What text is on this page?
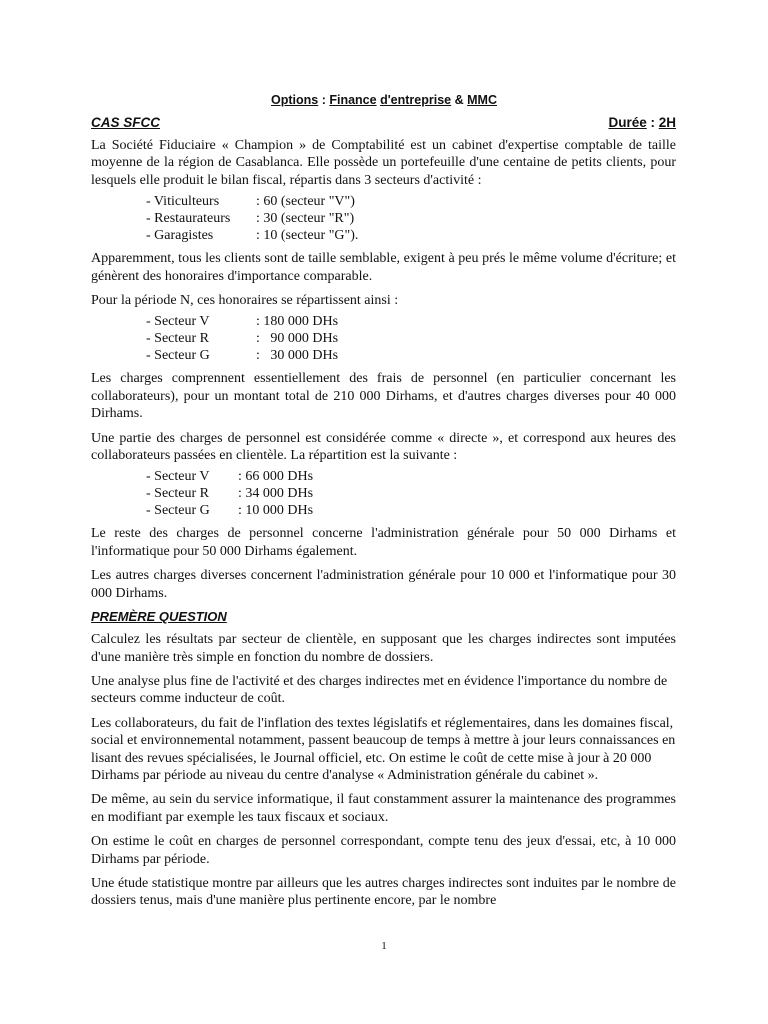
Options : Finance d'entreprise & MMC
CAS SFCC	Durée : 2H

La Société Fiduciaire « Champion » de Comptabilité est un cabinet d'expertise comptable de taille moyenne de la région de Casablanca. Elle possède un portefeuille d'une centaine de petits clients, pour lesquels elle produit le bilan fiscal, répartis dans 3 secteurs d'activité :

- Viticulteurs	: 60 (secteur "V")
- Restaurateurs	: 30 (secteur "R")
- Garagistes	: 10 (secteur "G").

Apparemment, tous les clients sont de taille semblable, exigent à peu prés le même volume d'écriture; et génèrent des honoraires d'importance comparable.

Pour la période N, ces honoraires se répartissent ainsi :

- Secteur V	: 180 000 DHs
- Secteur R	:   90 000 DHs
- Secteur G	:   30 000 DHs

Les charges comprennent essentiellement des frais de personnel (en particulier concernant les collaborateurs), pour un montant total de 210 000 Dirhams, et d'autres charges diverses pour 40 000 Dirhams.

Une partie des charges de personnel est considérée comme « directe », et correspond aux heures des collaborateurs passées en clientèle. La répartition est la suivante :

- Secteur V	: 66 000 DHs
- Secteur R	: 34 000 DHs
- Secteur G	: 10 000 DHs

Le reste des charges de personnel concerne l'administration générale pour 50 000 Dirhams et l'informatique pour 50 000 Dirhams également.

Les autres charges diverses concernent l'administration générale pour 10 000 et l'informatique pour 30 000 Dirhams.

PREMÈRE QUESTION

Calculez les résultats par secteur de clientèle, en supposant que les charges indirectes sont imputées d'une manière très simple en fonction du nombre de dossiers.

Une analyse plus fine de l'activité et des charges indirectes met en évidence l'importance du nombre de secteurs comme inducteur de coût.

Les collaborateurs, du fait de l'inflation des textes législatifs et réglementaires, dans les domaines fiscal, social et environnemental notamment, passent beaucoup de temps à mettre à jour leurs connaissances en lisant des revues spécialisées, le Journal officiel, etc. On estime le coût de cette mise à jour à 20 000 Dirhams par période au niveau du centre d'analyse « Administration générale du cabinet ».

De même, au sein du service informatique, il faut constamment assurer la maintenance des programmes en modifiant par exemple les taux fiscaux et sociaux.

On estime le coût en charges de personnel correspondant, compte tenu des jeux d'essai, etc, à 10 000 Dirhams par période.

Une étude statistique montre par ailleurs que les autres charges indirectes sont induites par le nombre de dossiers tenus, mais d'une manière plus pertinente encore, par le nombre

1
